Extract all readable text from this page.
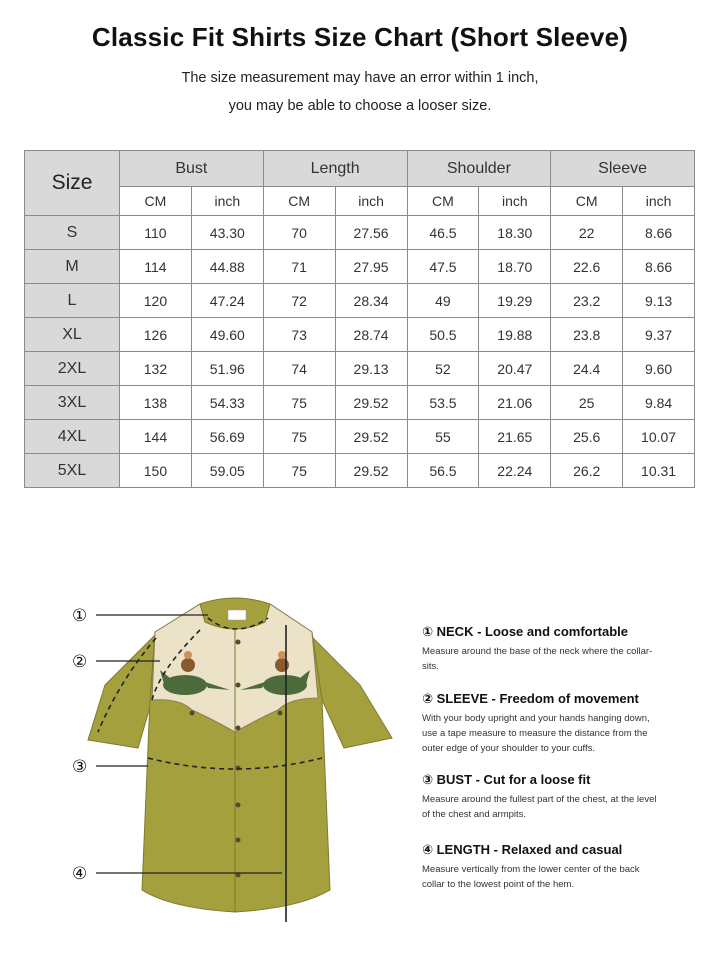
Classic Fit Shirts Size Chart (Short Sleeve)
The size measurement may have an error within 1 inch,
you may be able to choose a looser size.
Size	Bust		Length		Shoulder		Sleeve	
	CM	inch	CM	inch	CM	inch	CM	inch
S	110	43.30	70	27.56	46.5	18.30	22	8.66
M	114	44.88	71	27.95	47.5	18.70	22.6	8.66
L	120	47.24	72	28.34	49	19.29	23.2	9.13
XL	126	49.60	73	28.74	50.5	19.88	23.8	9.37
2XL	132	51.96	74	29.13	52	20.47	24.4	9.60
3XL	138	54.33	75	29.52	53.5	21.06	25	9.84
4XL	144	56.69	75	29.52	55	21.65	25.6	10.07
5XL	150	59.05	75	29.52	56.5	22.24	26.2	10.31
①
②
③
④
① NECK - Loose and comfortable
Measure around the base of the neck where the collar-sits.
② SLEEVE - Freedom of movement
With your body upright and your hands hanging down, use a tape measure to measure the distance from the outer edge of your shoulder to your cuffs.
③ BUST - Cut for a loose fit
Measure around the fullest part of the chest, at the level of the chest and armpits.
④ LENGTH - Relaxed and casual
Measure vertically from the lower center of the back collar to the lowest point of the hem.
